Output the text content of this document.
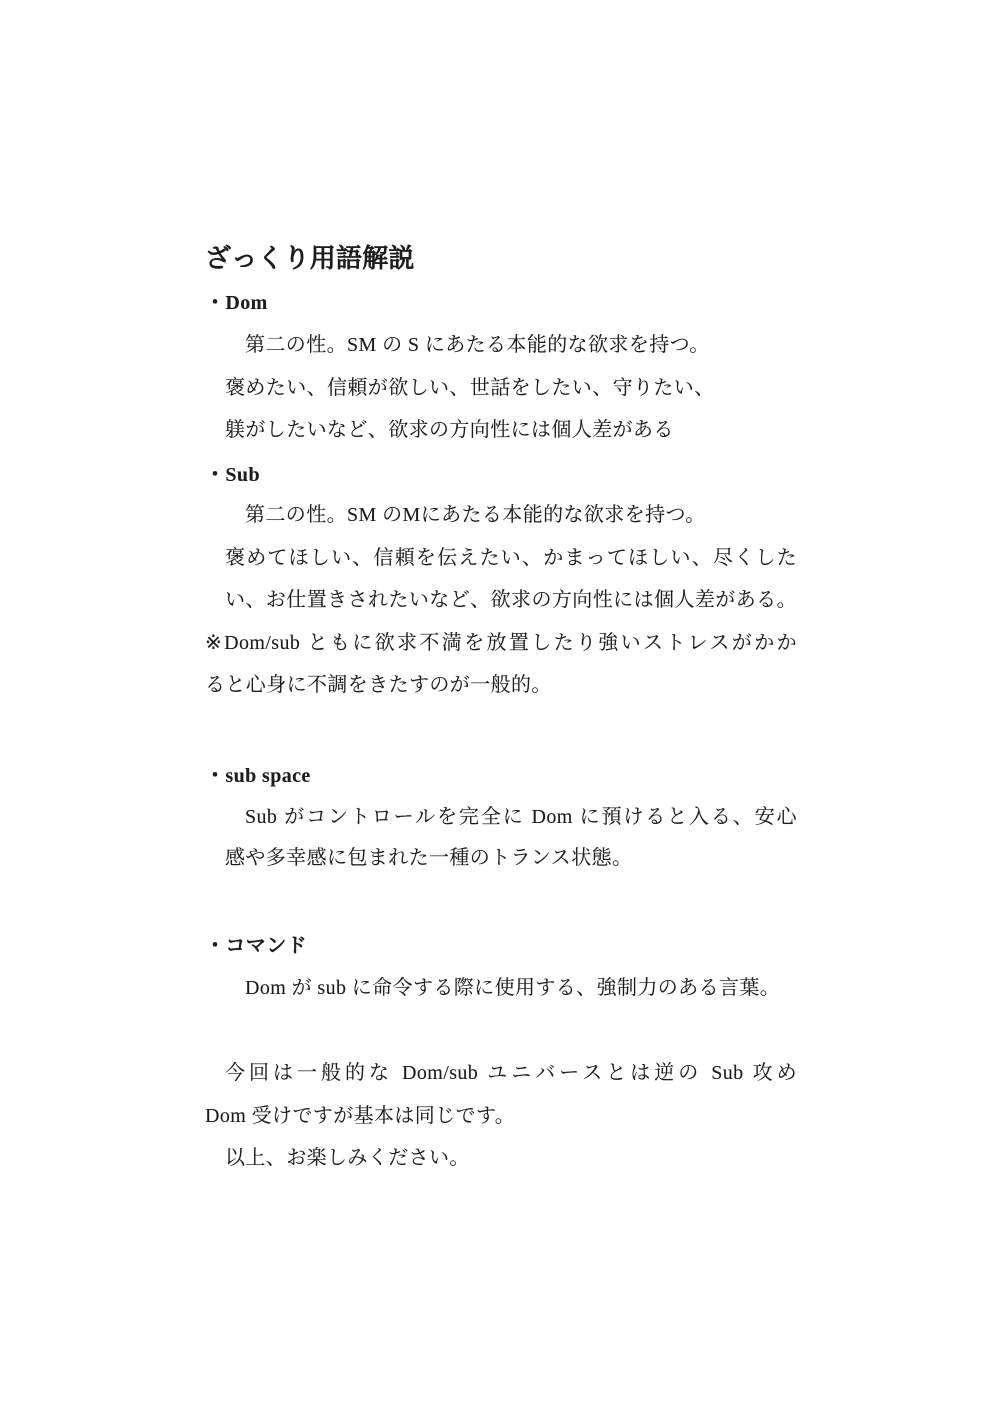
ざっくり用語解説
・Dom
第二の性。SM の S にあたる本能的な欲求を持つ。
褒めたい、信頼が欲しい、世話をしたい、守りたい、
躾がしたいなど、欲求の方向性には個人差がある
・Sub
第二の性。SM のMにあたる本能的な欲求を持つ。
褒めてほしい、信頼を伝えたい、かまってほしい、尽くした
い、お仕置きされたいなど、欲求の方向性には個人差がある。
※Dom/sub ともに欲求不満を放置したり強いストレスがかか
ると心身に不調をきたすのが一般的。
・sub space
Sub がコントロールを完全に Dom に預けると入る、安心
感や多幸感に包まれた一種のトランス状態。
・コマンド
Dom が sub に命令する際に使用する、強制力のある言葉。
今回は一般的な Dom/sub ユニバースとは逆の Sub 攻め
Dom 受けですが基本は同じです。
以上、お楽しみください。
